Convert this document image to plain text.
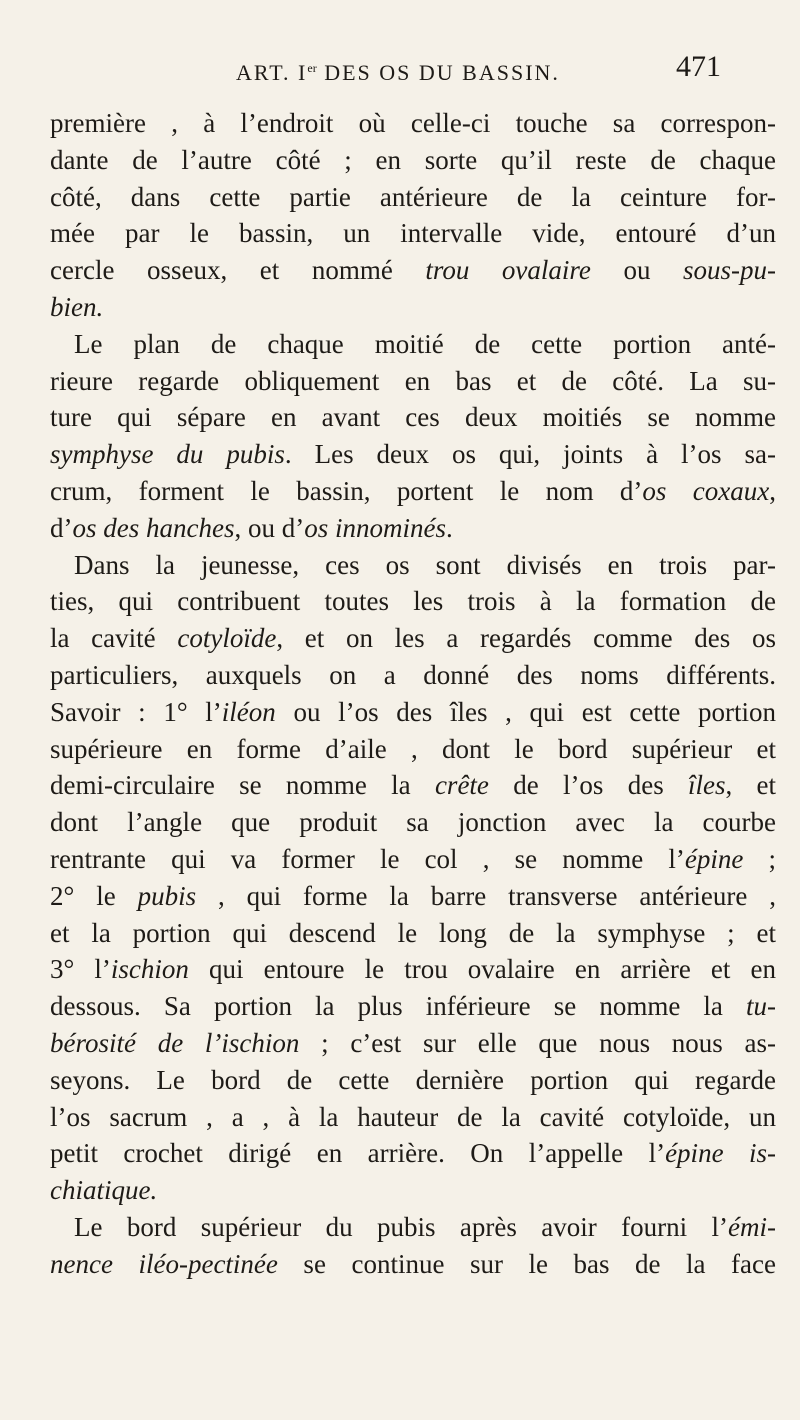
ART. Ier DES OS DU BASSIN.	471
première , à l’endroit où celle-ci touche sa correspon-
dante de l’autre côté ; en sorte qu’il reste de chaque
côté, dans cette partie antérieure de la ceinture for-
mée par le bassin, un intervalle vide, entouré d’un
cercle osseux, et nommé trou ovalaire ou sous-pu-
bien.
Le plan de chaque moitié de cette portion anté-
rieure regarde obliquement en bas et de côté. La su-
ture qui sépare en avant ces deux moitiés se nomme
symphyse du pubis. Les deux os qui, joints à l’os sa-
crum, forment le bassin, portent le nom d’os coxaux,
d’os des hanches, ou d’os innominés.
Dans la jeunesse, ces os sont divisés en trois par-
ties, qui contribuent toutes les trois à la formation de
la cavité cotyloïde, et on les a regardés comme des os
particuliers, auxquels on a donné des noms différents.
Savoir : 1° l’iléon ou l’os des îles , qui est cette portion
supérieure en forme d’aile , dont le bord supérieur et
demi-circulaire se nomme la crête de l’os des îles, et
dont l’angle que produit sa jonction avec la courbe
rentrante qui va former le col , se nomme l’épine ;
2° le pubis , qui forme la barre transverse antérieure ,
et la portion qui descend le long de la symphyse ; et
3° l’ischion qui entoure le trou ovalaire en arrière et en
dessous. Sa portion la plus inférieure se nomme la tu-
bérosité de l’ischion ; c’est sur elle que nous nous as-
seyons. Le bord de cette dernière portion qui regarde
l’os sacrum , a , à la hauteur de la cavité cotyloïde, un
petit crochet dirigé en arrière. On l’appelle l’épine is-
chiatique.
Le bord supérieur du pubis après avoir fourni l’émi-
nence iléo-pectinée se continue sur le bas de la face
